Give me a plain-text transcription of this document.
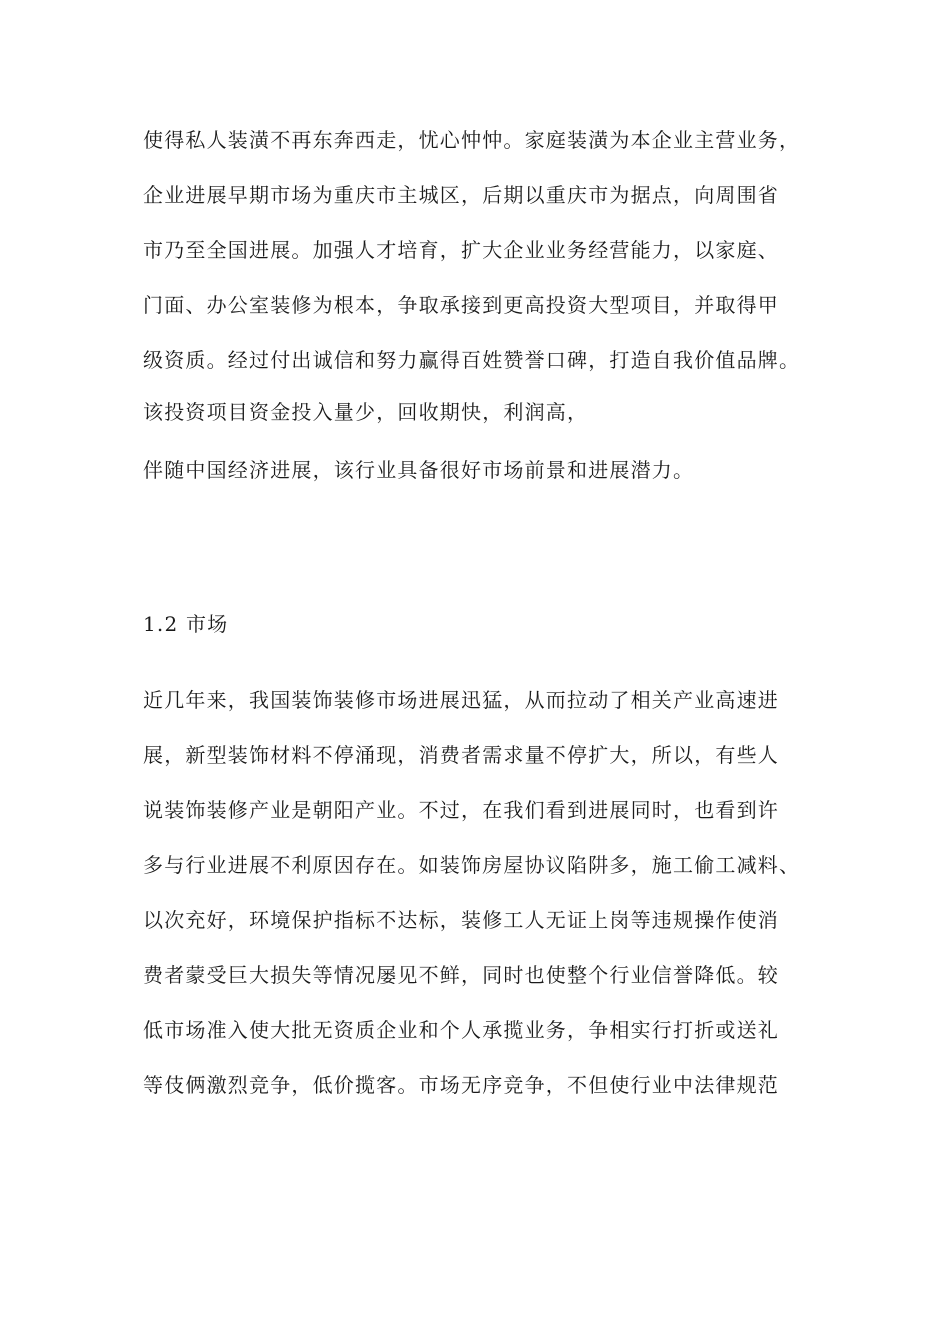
使得私人装潢不再东奔西走，忧心忡忡。家庭装潢为本企业主营业务，
企业进展早期市场为重庆市主城区，后期以重庆市为据点，向周围省
市乃至全国进展。加强人才培育，扩大企业业务经营能力，以家庭、
门面、办公室装修为根本，争取承接到更高投资大型项目，并取得甲
级资质。经过付出诚信和努力赢得百姓赞誉口碑，打造自我价值品牌。
该投资项目资金投入量少，回收期快，利润高，
伴随中国经济进展，该行业具备很好市场前景和进展潜力。
1.2 市场
近几年来，我国装饰装修市场进展迅猛，从而拉动了相关产业高速进
展，新型装饰材料不停涌现，消费者需求量不停扩大，所以，有些人
说装饰装修产业是朝阳产业。不过，在我们看到进展同时，也看到许
多与行业进展不利原因存在。如装饰房屋协议陷阱多，施工偷工减料、
以次充好，环境保护指标不达标，装修工人无证上岗等违规操作使消
费者蒙受巨大损失等情况屡见不鲜，同时也使整个行业信誉降低。较
低市场准入使大批无资质企业和个人承揽业务，争相实行打折或送礼
等伎俩激烈竞争，低价揽客。市场无序竞争，不但使行业中法律规范
